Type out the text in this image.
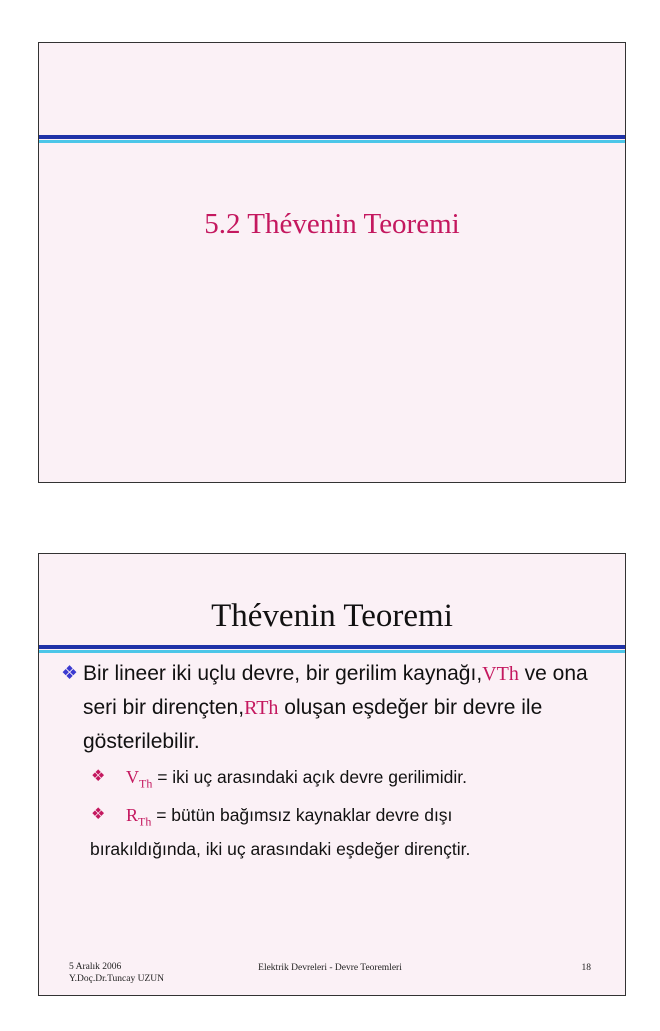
5.2 Thévenin Teoremi
Thévenin Teoremi
❖ Bir lineer iki uçlu devre, bir gerilim kaynağı,VTh ve ona seri bir dirençten,RTh oluşan eşdeğer bir devre ile gösterilebilir.
❖ $V_{Th}$ = iki uç arasındaki açık devre gerilimidir.
❖ $R_{Th}$ = bütün bağımsız kaynaklar devre dışı
bırakıldığında, iki uç arasındaki eşdeğer dirençtir.
5 Aralık 2006
Y.Doç.Dr.Tuncay UZUN
Elektrik Devreleri - Devre Teoremleri	18
